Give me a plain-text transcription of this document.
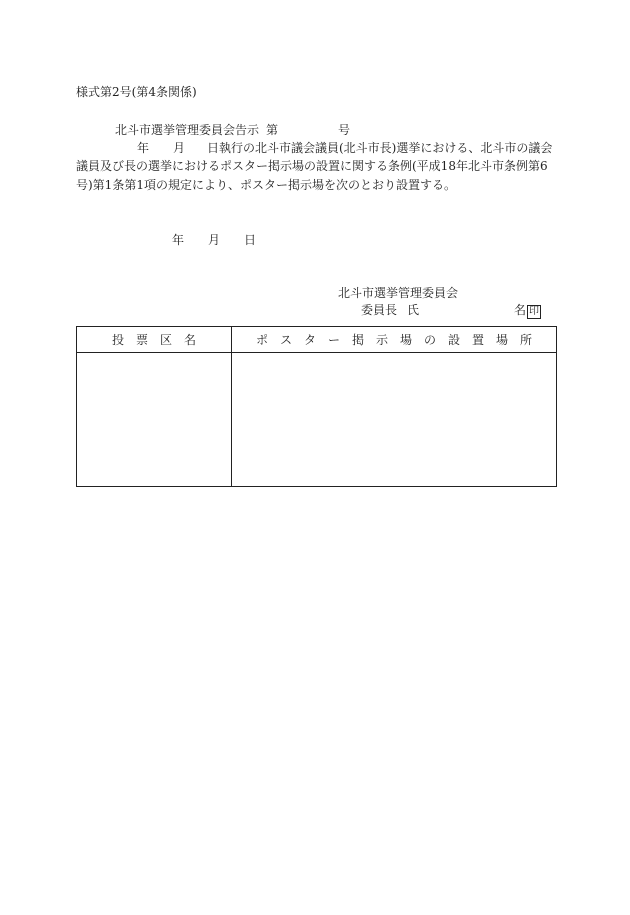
様式第2号(第4条関係)
北斗市選挙管理委員会告示 第	号
年 月 日執行の北斗市議会議員(北斗市長)選挙における、北斗市の議会
議員及び長の選挙におけるポスター掲示場の設置に関する条例(平成18年北斗市条例第6
号)第1条第1項の規定により、ポスター掲示場を次のとおり設置する。
年 月 日
北斗市選挙管理委員会
委員長 氏	名 印
投　票　区　名	ポ　ス　タ　ー　掲　示　場　の　設　置　場　所
